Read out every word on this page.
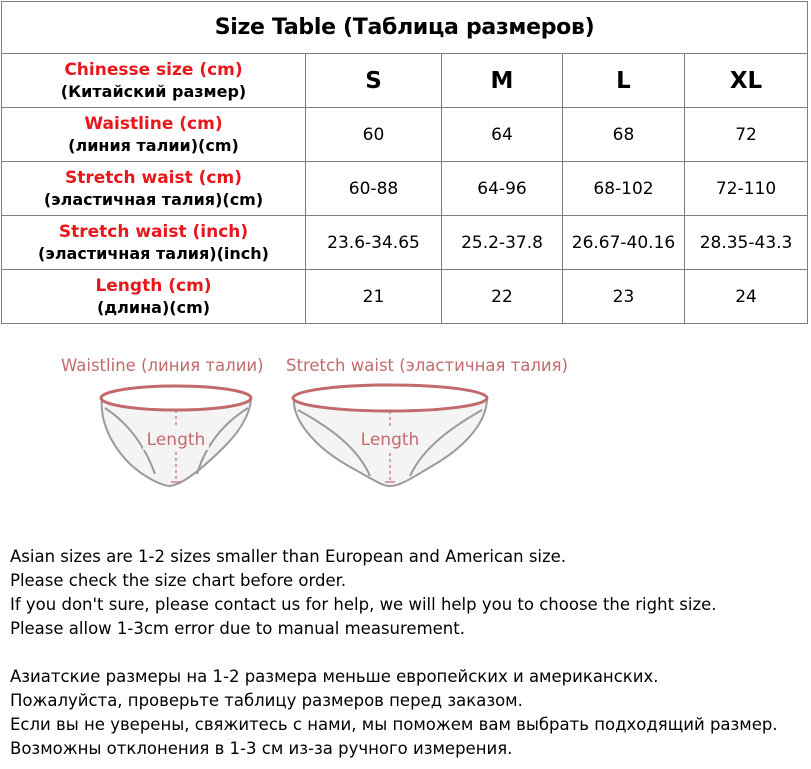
Size Table (Таблица размеров)				

Chinesse size (cm)
(Китайский размер)	S	M	L	XL

Waistline (cm)
(линия талии)(cm)	60	64	68	72

Stretch waist (cm)
(эластичная талия)(cm)	60-88	64-96	68-102	72-110

Stretch waist (inch)
(эластичная талия)(inch)	23.6-34.65	25.2-37.8	26.67-40.16	28.35-43.3

Length (cm)
(длина)(cm)	21	22	23	24
Waistline (линия талии)
Length
Stretch waist (эластичная талия)
Length

Asian sizes are 1-2 sizes smaller than European and American size.

Please check the size chart before order.

If you don't sure, please contact us for help, we will help you to choose the right size.

Please allow 1-3cm error due to manual measurement.

Азиатские размеры на 1-2 размера меньше европейских и американских.

Пожалуйста, проверьте таблицу размеров перед заказом.

Если вы не уверены, свяжитесь с нами, мы поможем вам выбрать подходящий размер.

Возможны отклонения в 1-3 см из-за ручного измерения.
